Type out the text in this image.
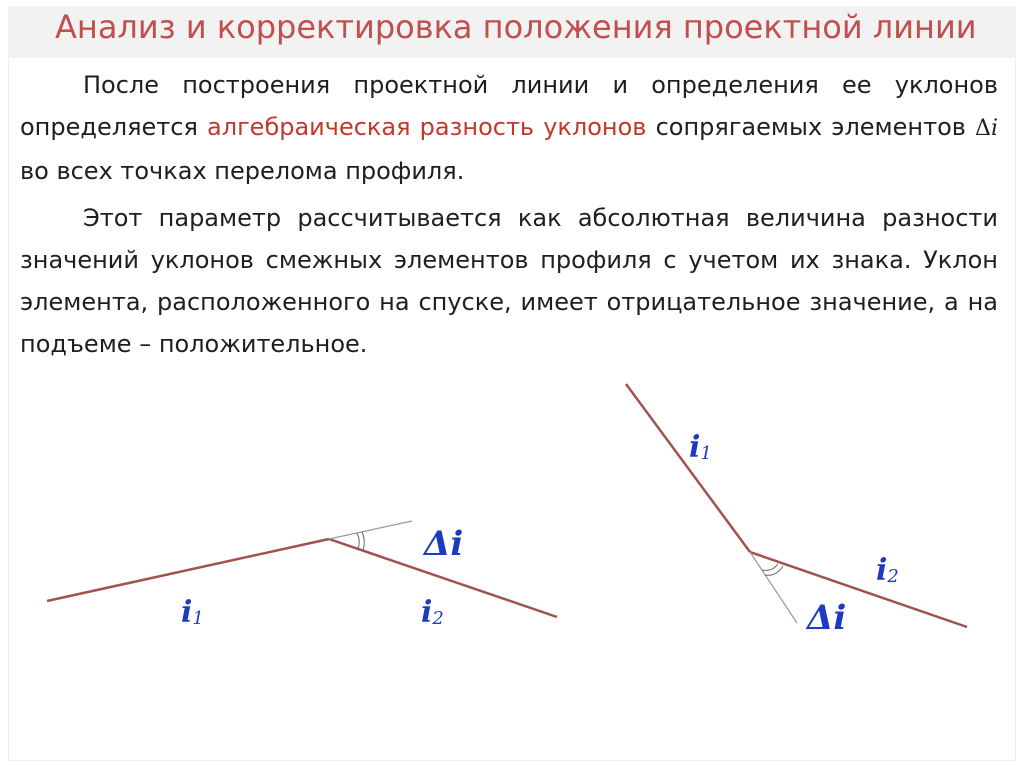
Анализ и корректировка положения проектной линии
После построения проектной линии и определения ее уклонов определяется алгебраическая разность уклонов сопрягаемых элементов Δi во всех точках перелома профиля.
Этот параметр рассчитывается как абсолютная величина разности значений уклонов смежных элементов профиля с учетом их знака. Уклон элемента, расположенного на спуске, имеет отрицательное значение, а на подъеме – положительное.
i1	i2
Δi
i1
i2
Δi
